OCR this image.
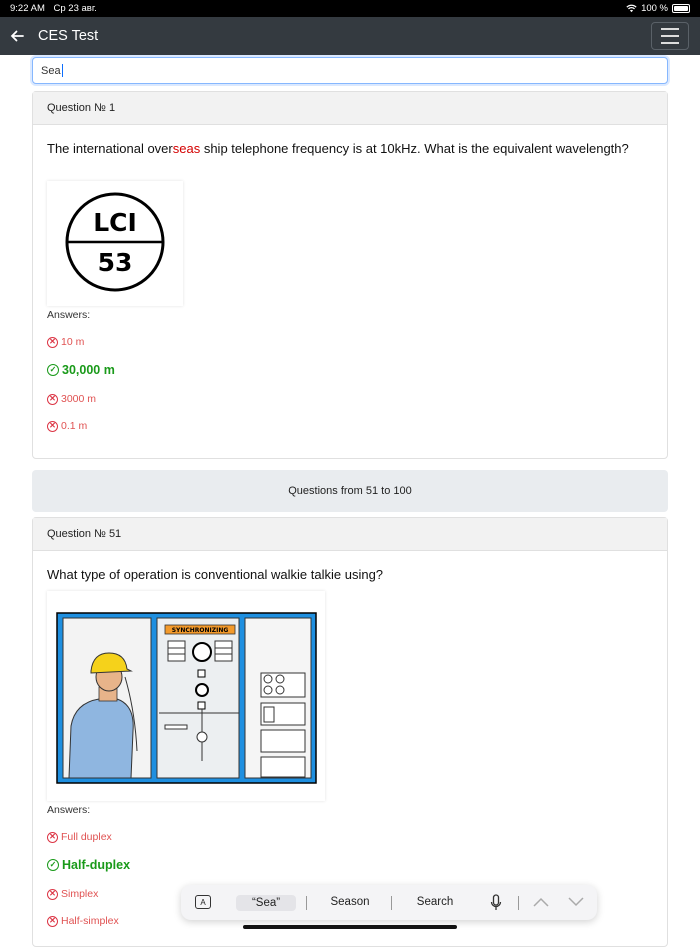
9:22 AM Ср 23 авг.	100 %
CES Test
Sea
Question № 1
The international overseas ship telephone frequency is at 10kHz. What is the equivalent wavelength?
LCI
53
Answers:
✕ 10 m
✓ 30,000 m
✕ 3000 m
✕ 0.1 m
Questions from 51 to 100
Question № 51
What type of operation is conventional walkie talkie using?
SYNCHRONIZING
Answers:
✕ Full duplex
✓ Half-duplex
✕ Simplex
✕ Half-simplex
A	“Sea”	Season	Search
